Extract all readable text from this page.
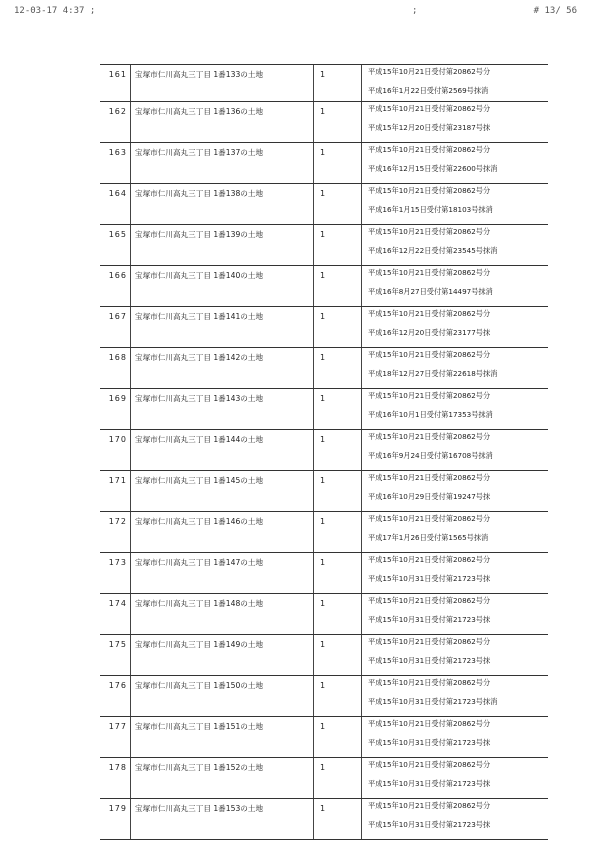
12-03-17 4:37 ;	;	# 13/ 56
161	宝塚市仁川高丸三丁目 1番133の土地	1	平成15年10月21日受付第20862号分
平成16年1月22日受付第2569号抹消
162	宝塚市仁川高丸三丁目 1番136の土地	1	平成15年10月21日受付第20862号分
平成15年12月20日受付第23187号抹
163	宝塚市仁川高丸三丁目 1番137の土地	1	平成15年10月21日受付第20862号分
平成16年12月15日受付第22600号抹消
164	宝塚市仁川高丸三丁目 1番138の土地	1	平成15年10月21日受付第20862号分
平成16年1月15日受付第18103号抹消
165	宝塚市仁川高丸三丁目 1番139の土地	1	平成15年10月21日受付第20862号分
平成16年12月22日受付第23545号抹消
166	宝塚市仁川高丸三丁目 1番140の土地	1	平成15年10月21日受付第20862号分
平成16年8月27日受付第14497号抹消
167	宝塚市仁川高丸三丁目 1番141の土地	1	平成15年10月21日受付第20862号分
平成16年12月20日受付第23177号抹
168	宝塚市仁川高丸三丁目 1番142の土地	1	平成15年10月21日受付第20862号分
平成18年12月27日受付第22618号抹消
169	宝塚市仁川高丸三丁目 1番143の土地	1	平成15年10月21日受付第20862号分
平成16年10月1日受付第17353号抹消
170	宝塚市仁川高丸三丁目 1番144の土地	1	平成15年10月21日受付第20862号分
平成16年9月24日受付第16708号抹消
171	宝塚市仁川高丸三丁目 1番145の土地	1	平成15年10月21日受付第20862号分
平成16年10月29日受付第19247号抹
172	宝塚市仁川高丸三丁目 1番146の土地	1	平成15年10月21日受付第20862号分
平成17年1月26日受付第1565号抹消
173	宝塚市仁川高丸三丁目 1番147の土地	1	平成15年10月21日受付第20862号分
平成15年10月31日受付第21723号抹
174	宝塚市仁川高丸三丁目 1番148の土地	1	平成15年10月21日受付第20862号分
平成15年10月31日受付第21723号抹
175	宝塚市仁川高丸三丁目 1番149の土地	1	平成15年10月21日受付第20862号分
平成15年10月31日受付第21723号抹
176	宝塚市仁川高丸三丁目 1番150の土地	1	平成15年10月21日受付第20862号分
平成15年10月31日受付第21723号抹消
177	宝塚市仁川高丸三丁目 1番151の土地	1	平成15年10月21日受付第20862号分
平成15年10月31日受付第21723号抹
178	宝塚市仁川高丸三丁目 1番152の土地	1	平成15年10月21日受付第20862号分
平成15年10月31日受付第21723号抹
179	宝塚市仁川高丸三丁目 1番153の土地	1	平成15年10月21日受付第20862号分
平成15年10月31日受付第21723号抹
